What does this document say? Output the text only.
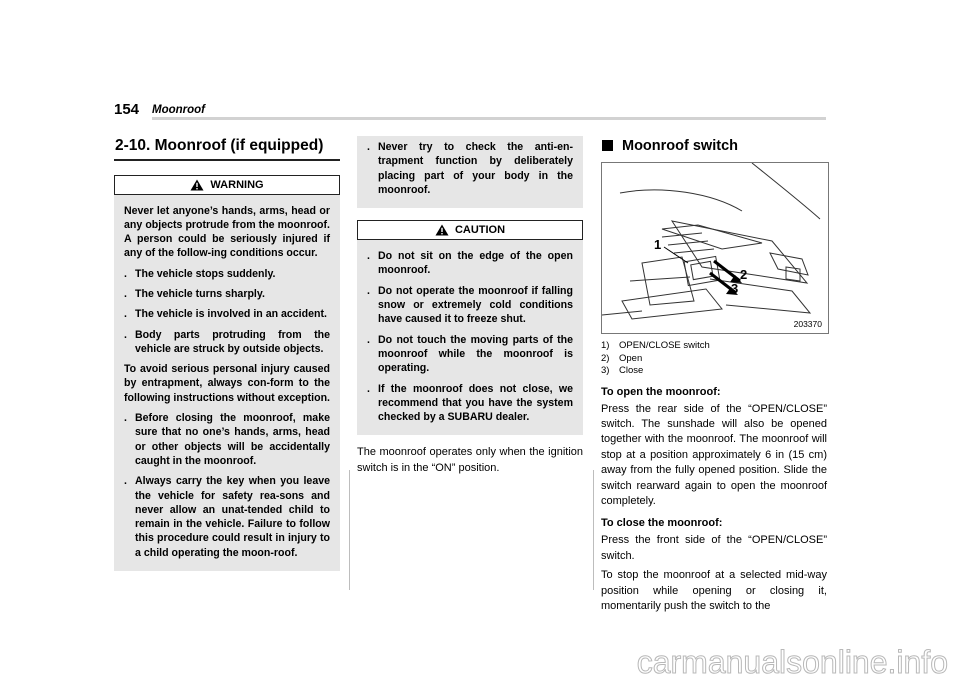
154 Moonroof
2-10. Moonroof (if equipped)
WARNING

Never let anyone’s hands, arms, head or any objects protrude from the moonroof. A person could be seriously injured if any of the follow-ing conditions occur.

. The vehicle stops suddenly.

. The vehicle turns sharply.

. The vehicle is involved in an accident.

. Body parts protruding from the vehicle are struck by outside objects.

To avoid serious personal injury caused by entrapment, always con-form to the following instructions without exception.

. Before closing the moonroof, make sure that no one’s hands, arms, head or other objects will be accidentally caught in the moonroof.

. Always carry the key when you leave the vehicle for safety rea-sons and never allow an unat-tended child to remain in the vehicle. Failure to follow this procedure could result in injury to a child operating the moon-roof.

. Never try to check the anti-en-trapment function by deliberately placing part of your body in the moonroof.

CAUTION

. Do not sit on the edge of the open moonroof.

. Do not operate the moonroof if falling snow or extremely cold conditions have caused it to freeze shut.

. Do not touch the moving parts of the moonroof while the moonroof is operating.

. If the moonroof does not close, we recommend that you have the system checked by a SUBARU dealer.

The moonroof operates only when the ignition switch is in the “ON” position.

Moonroof switch
1
2
3
203370
1)	OPEN/CLOSE switch
2)	Open
3)	Close

To open the moonroof:

Press the rear side of the “OPEN/CLOSE” switch. The sunshade will also be opened together with the moonroof. The moonroof will stop at a position approximately 6 in (15 cm) away from the fully opened position. Slide the switch rearward again to open the moonroof completely.

To close the moonroof:

Press the front side of the “OPEN/CLOSE” switch.

To stop the moonroof at a selected mid-way position while opening or closing it, momentarily push the switch to the

carmanualsonline.info
